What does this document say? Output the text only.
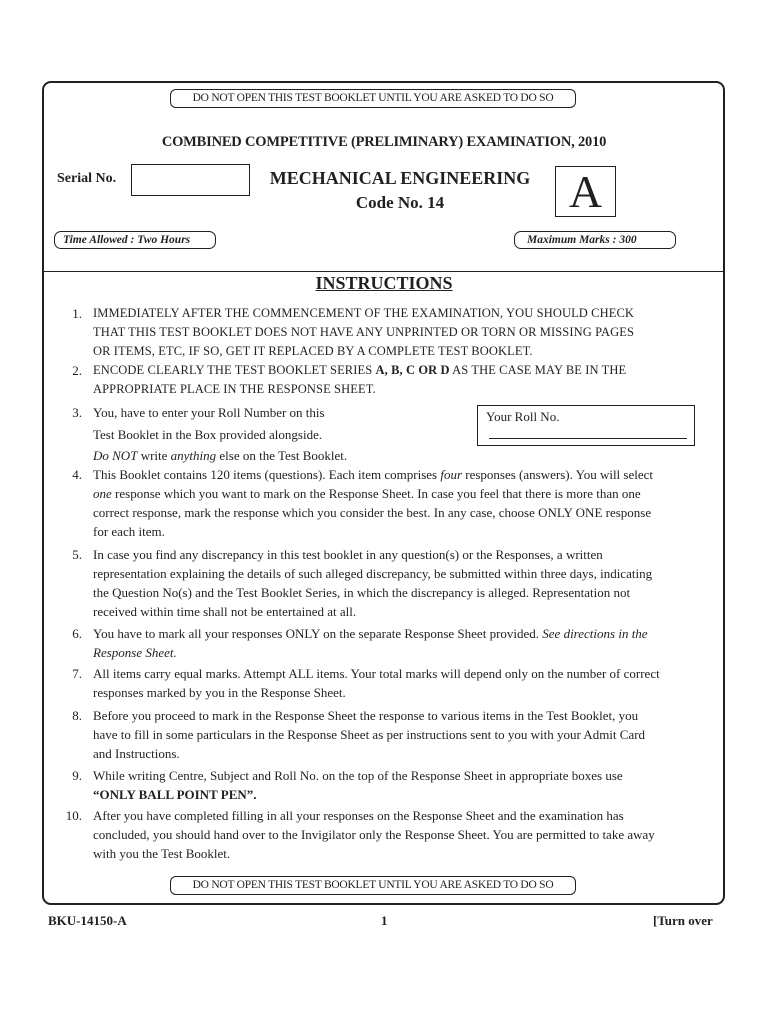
DO NOT OPEN THIS TEST BOOKLET UNTIL YOU ARE ASKED TO DO SO
COMBINED COMPETITIVE (PRELIMINARY) EXAMINATION, 2010
Serial No.	MECHANICAL ENGINEERING
Code No. 14	A
Time Allowed : Two Hours	Maximum Marks : 300
INSTRUCTIONS
1. IMMEDIATELY AFTER THE COMMENCEMENT OF THE EXAMINATION, YOU SHOULD CHECK
THAT THIS TEST BOOKLET DOES NOT HAVE ANY UNPRINTED OR TORN OR MISSING PAGES
OR ITEMS, ETC, IF SO, GET IT REPLACED BY A COMPLETE TEST BOOKLET.
2. ENCODE CLEARLY THE TEST BOOKLET SERIES A, B, C OR D AS THE CASE MAY BE IN THE
APPROPRIATE PLACE IN THE RESPONSE SHEET.
3. You, have to enter your Roll Number on this
Test Booklet in the Box provided alongside.
Do NOT write anything else on the Test Booklet.
Your Roll No.
4. This Booklet contains 120 items (questions). Each item comprises four responses (answers). You will select
one response which you want to mark on the Response Sheet. In case you feel that there is more than one
correct response, mark the response which you consider the best. In any case, choose ONLY ONE response
for each item.
5. In case you find any discrepancy in this test booklet in any question(s) or the Responses, a written
representation explaining the details of such alleged discrepancy, be submitted within three days, indicating
the Question No(s) and the Test Booklet Series, in which the discrepancy is alleged. Representation not
received within time shall not be entertained at all.
6. You have to mark all your responses ONLY on the separate Response Sheet provided. See directions in the
Response Sheet.
7. All items carry equal marks. Attempt ALL items. Your total marks will depend only on the number of correct
responses marked by you in the Response Sheet.
8. Before you proceed to mark in the Response Sheet the response to various items in the Test Booklet, you
have to fill in some particulars in the Response Sheet as per instructions sent to you with your Admit Card
and Instructions.
9. While writing Centre, Subject and Roll No. on the top of the Response Sheet in appropriate boxes use
“ONLY BALL POINT PEN”.
10. After you have completed filling in all your responses on the Response Sheet and the examination has
concluded, you should hand over to the Invigilator only the Response Sheet. You are permitted to take away
with you the Test Booklet.
DO NOT OPEN THIS TEST BOOKLET UNTIL YOU ARE ASKED TO DO SO
BKU-14150-A	1	[Turn over
